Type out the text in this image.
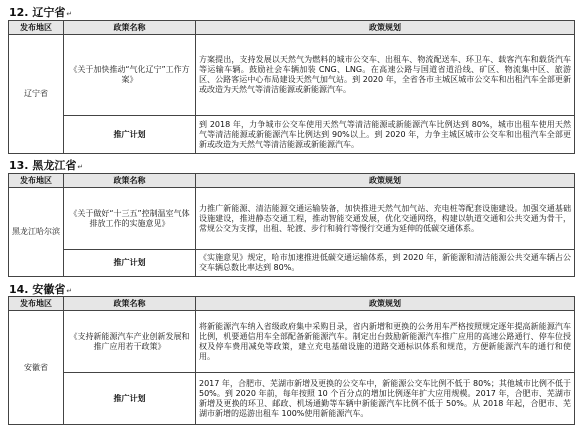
12. 辽宁省↵
发布地区	政策名称	政策规划
辽宁省	《关于加快推动“气化辽宁”工作方案》	方案提出，支持发展以天然气为燃料的城市公交车、出租车、物流配送车、环卫车、载客汽车和载货汽车等运输车辆。鼓励社会车辆加装 CNG、LNG。在高速公路与国道省道沿线、矿区、物流集中区、旅游区、公路客运中心布局建设天然气加气站。到 2020 年，全省各市主城区城市公交车和出租汽车全部更新或改造为天然气等清洁能源或新能源汽车。
	推广计划	到 2018 年，力争城市公交车使用天然气等清洁能源或新能源汽车比例达到 80%，城市出租车使用天然气等清洁能源或新能源汽车比例达到 90%以上。到 2020 年，力争主城区城市公交车和出租汽车全部更新或改造为天然气等清洁能源或新能源汽车。
13. 黑龙江省↵
发布地区	政策名称	政策规划
黑龙江哈尔滨	《关于做好“十三五”控制温室气体排放工作的实施意见》	力推广新能源、清洁能源交通运输装备，加快推进天然气加气站、充电桩等配套设施建设。加强交通基础设施建设，推进静态交通工程，推动智能交通发展，优化交通网络，构建以轨道交通和公共交通为骨干，常规公交为支撑，出租、轮渡、步行和骑行等慢行交通为延伸的低碳交通体系。
	推广计划	《实施意见》规定，哈市加速推进低碳交通运输体系，到 2020 年，新能源和清洁能源公共交通车辆占公交车辆总数比率达到 80%。
14. 安徽省↵
发布地区	政策名称	政策规划
安徽省	《支持新能源汽车产业创新发展和推广应用若干政策》	将新能源汽车纳入省级政府集中采购目录，省内新增和更换的公务用车严格按照规定逐年提高新能源汽车比例，机要通信用车全部配备新能源汽车。制定出台鼓励新能源汽车推广应用的高速公路通行、停车位授权及停车费用减免等政策，建立充电基础设施的道路交通标识体系和规范，方便新能源汽车的通行和使用。
	推广计划	2017 年，合肥市、芜湖市新增及更换的公交车中，新能源公交车比例不低于 80%；其他城市比例不低于 50%。到 2020 年前，每年按照 10 个百分点的增加比例逐年扩大应用规模。2017 年，合肥市、芜湖市新增及更换的环卫、邮政、机场通勤等车辆中新能源汽车比例不低于 50%。从 2018 年起，合肥市、芜湖市新增的巡游出租车 100%使用新能源汽车。
